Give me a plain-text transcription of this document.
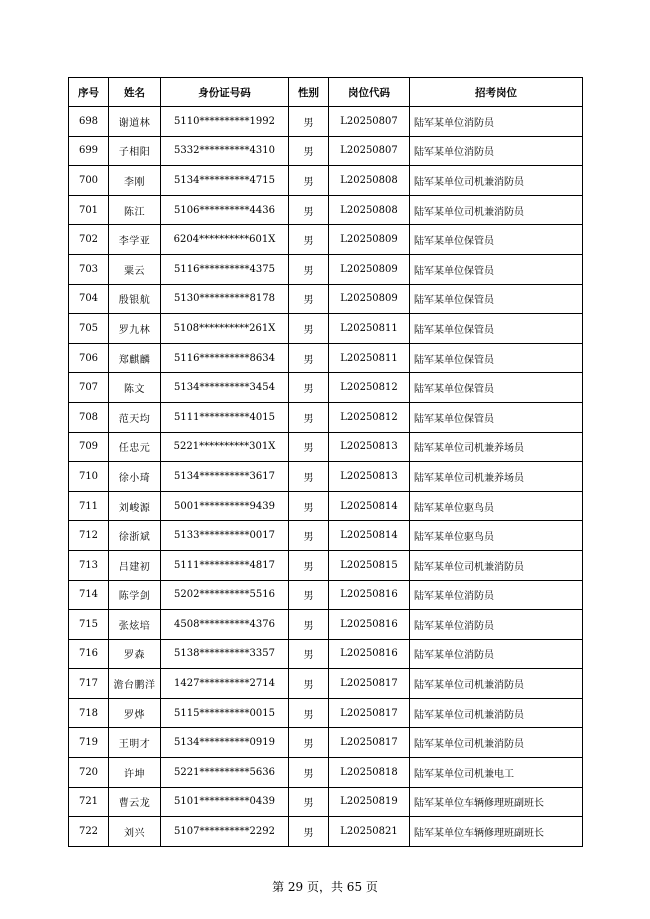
序号	姓名	身份证号码	性别	岗位代码	招考岗位
698	谢道林	5110**********1992	男	L20250807	陆军某单位消防员
699	子相阳	5332**********4310	男	L20250807	陆军某单位消防员
700	李刚	5134**********4715	男	L20250808	陆军某单位司机兼消防员
701	陈江	5106**********4436	男	L20250808	陆军某单位司机兼消防员
702	李学亚	6204**********601X	男	L20250809	陆军某单位保管员
703	粟云	5116**********4375	男	L20250809	陆军某单位保管员
704	殷银航	5130**********8178	男	L20250809	陆军某单位保管员
705	罗九林	5108**********261X	男	L20250811	陆军某单位保管员
706	郑麒麟	5116**********8634	男	L20250811	陆军某单位保管员
707	陈文	5134**********3454	男	L20250812	陆军某单位保管员
708	范天均	5111**********4015	男	L20250812	陆军某单位保管员
709	任忠元	5221**********301X	男	L20250813	陆军某单位司机兼养场员
710	徐小琦	5134**********3617	男	L20250813	陆军某单位司机兼养场员
711	刘峻源	5001**********9439	男	L20250814	陆军某单位驱鸟员
712	徐浙斌	5133**********0017	男	L20250814	陆军某单位驱鸟员
713	吕建初	5111**********4817	男	L20250815	陆军某单位司机兼消防员
714	陈学剑	5202**********5516	男	L20250816	陆军某单位消防员
715	张炫培	4508**********4376	男	L20250816	陆军某单位消防员
716	罗森	5138**********3357	男	L20250816	陆军某单位消防员
717	澹台鹏洋	1427**********2714	男	L20250817	陆军某单位司机兼消防员
718	罗烨	5115**********0015	男	L20250817	陆军某单位司机兼消防员
719	王明才	5134**********0919	男	L20250817	陆军某单位司机兼消防员
720	许坤	5221**********5636	男	L20250818	陆军某单位司机兼电工
721	曹云龙	5101**********0439	男	L20250819	陆军某单位车辆修理班副班长
722	刘兴	5107**********2292	男	L20250821	陆军某单位车辆修理班副班长
第 29 页，共 65 页
